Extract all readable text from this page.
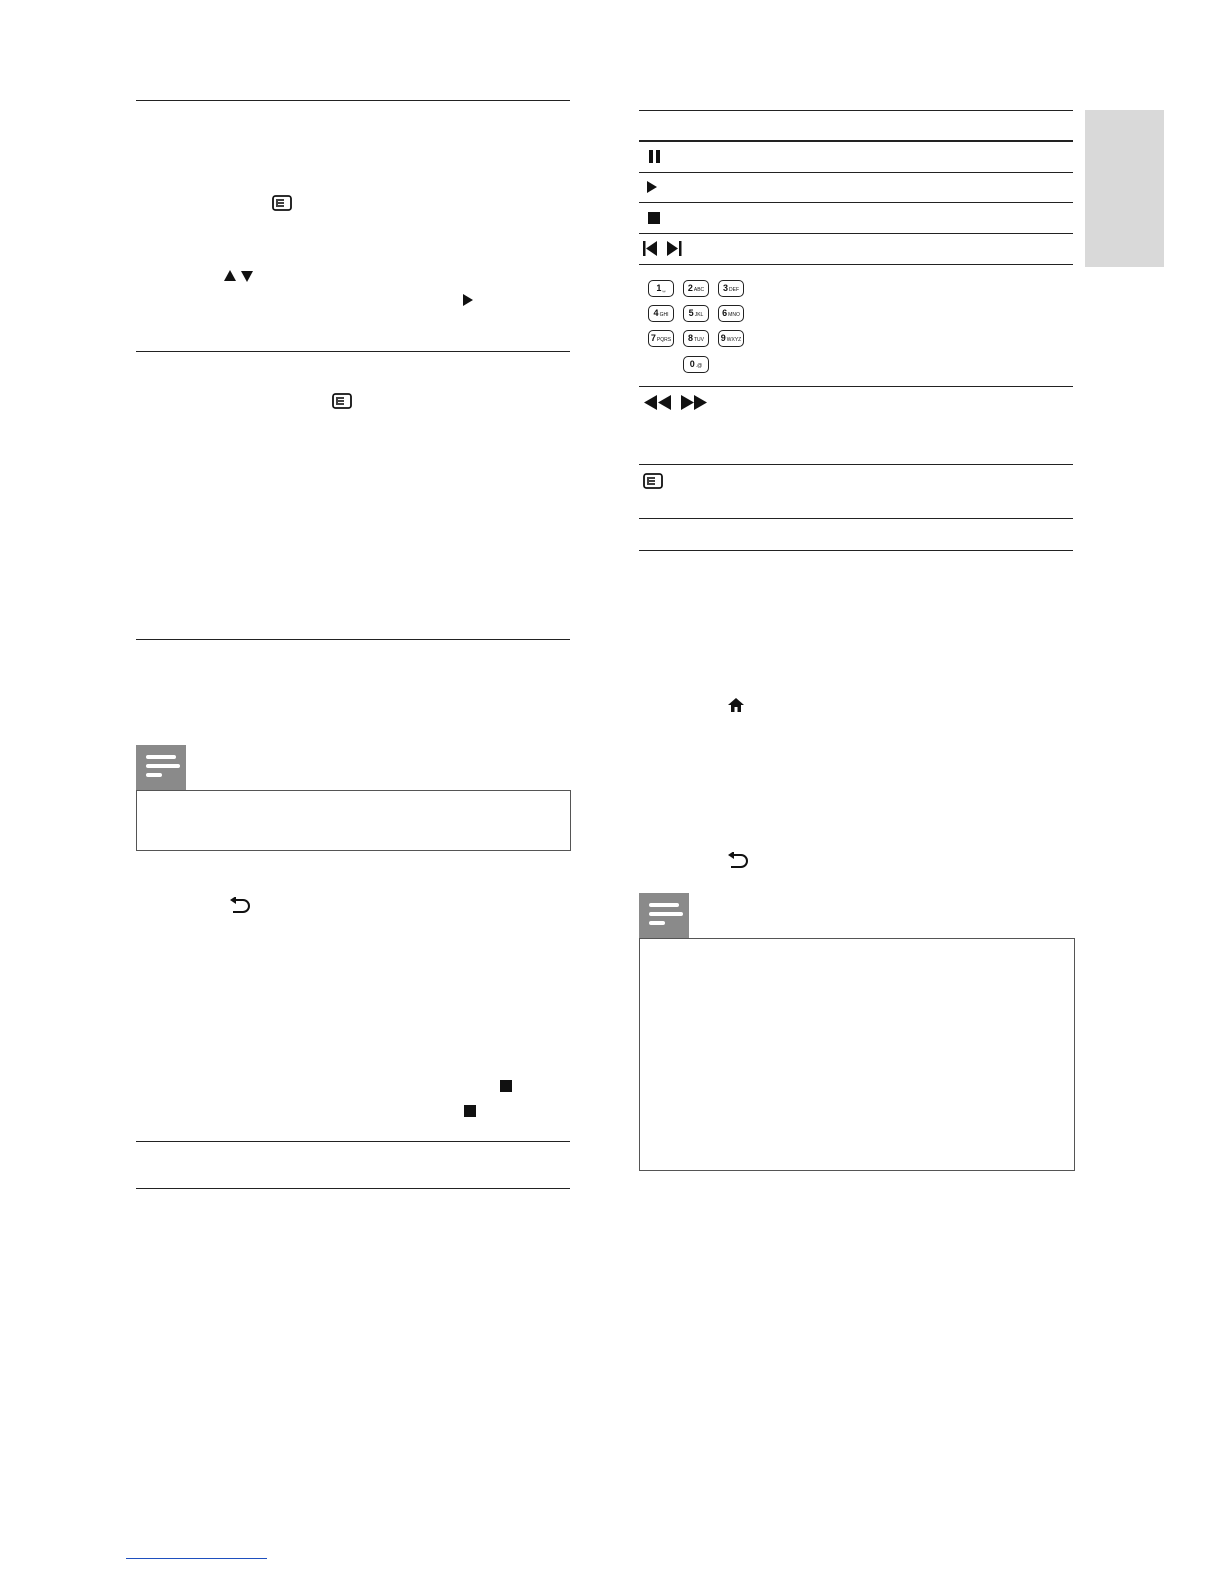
1␣	2ABC	3DEF
4GHI	5JKL	6MNO
7PQRS	8TUV	9WXYZ
0.@
